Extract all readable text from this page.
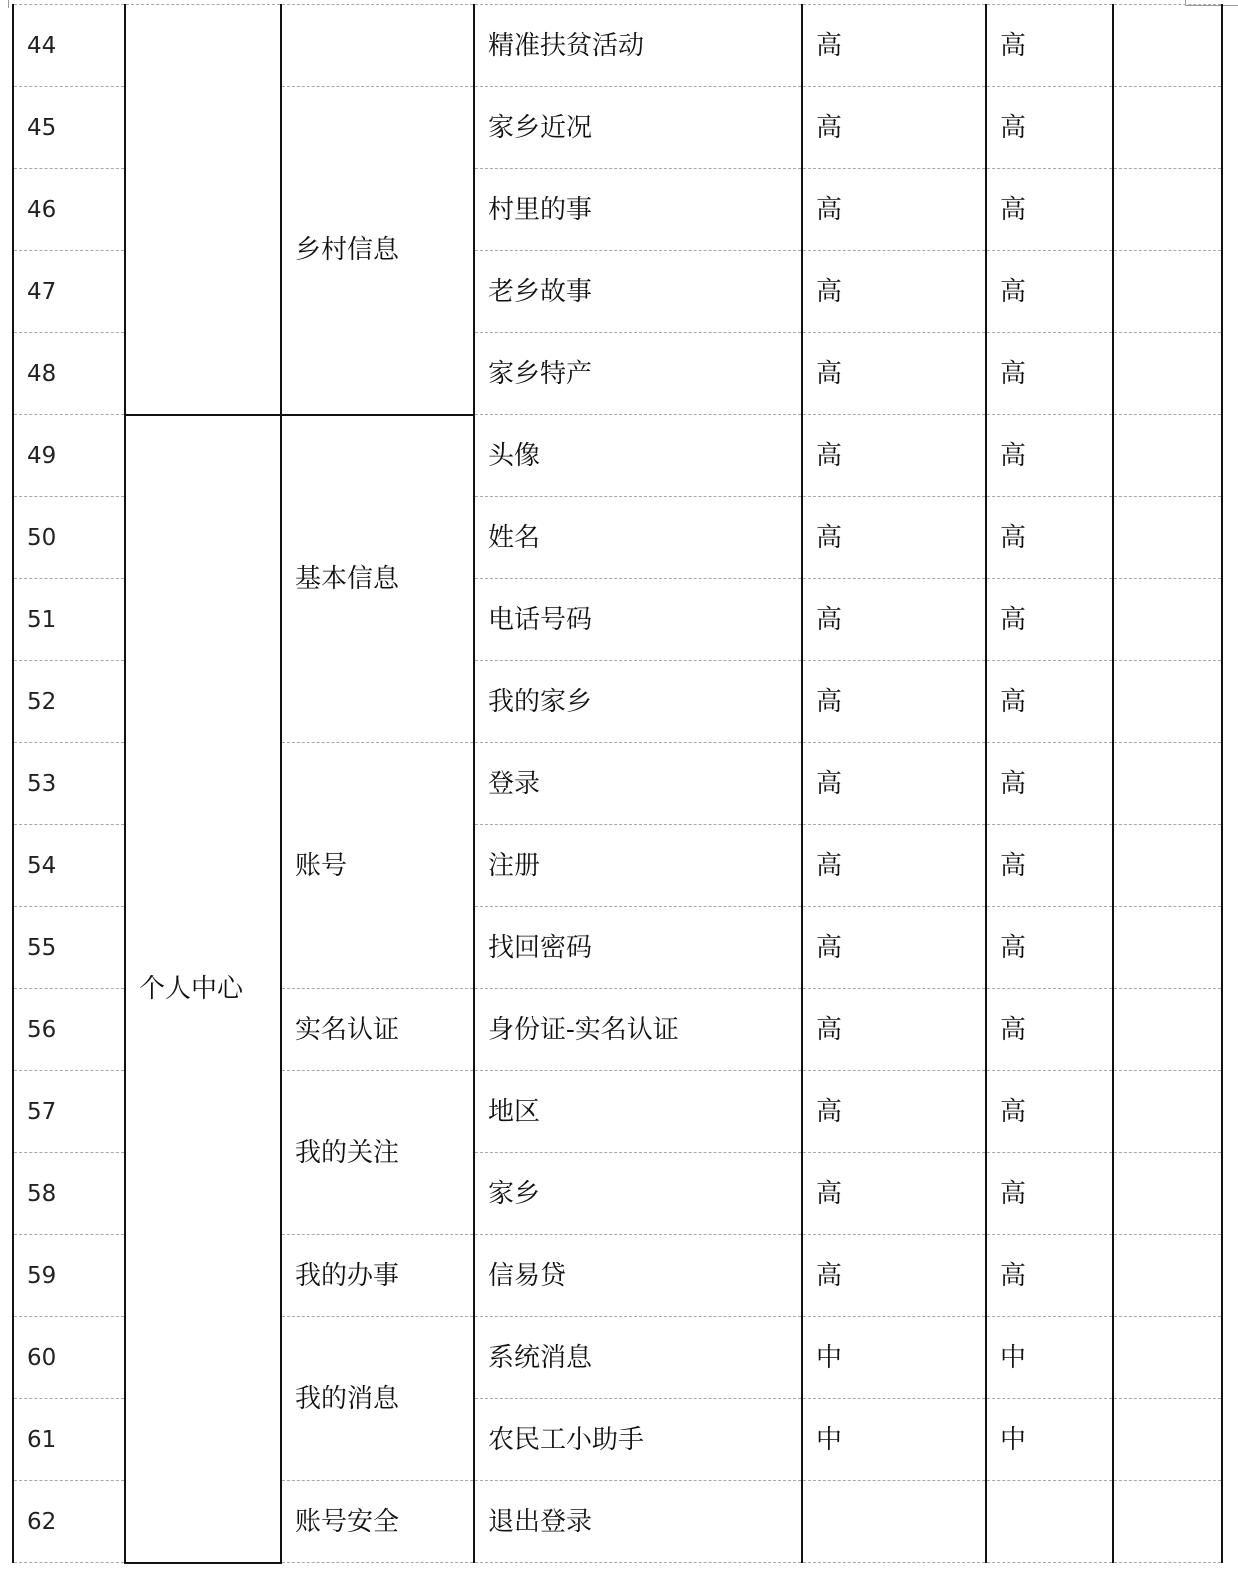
44			精准扶贫活动	高	高	
45		乡村信息	家乡近况	高	高	
46			村里的事	高	高	
47			老乡故事	高	高	
48			家乡特产	高	高	
49	个人中心	基本信息	头像	高	高	
50			姓名	高	高	
51			电话号码	高	高	
52			我的家乡	高	高	
53		账号	登录	高	高	
54			注册	高	高	
55			找回密码	高	高	
56		实名认证	身份证-实名认证	高	高	
57		我的关注	地区	高	高	
58			家乡	高	高	
59		我的办事	信易贷	高	高	
60		我的消息	系统消息	中	中	
61			农民工小助手	中	中	
62		账号安全	退出登录			
